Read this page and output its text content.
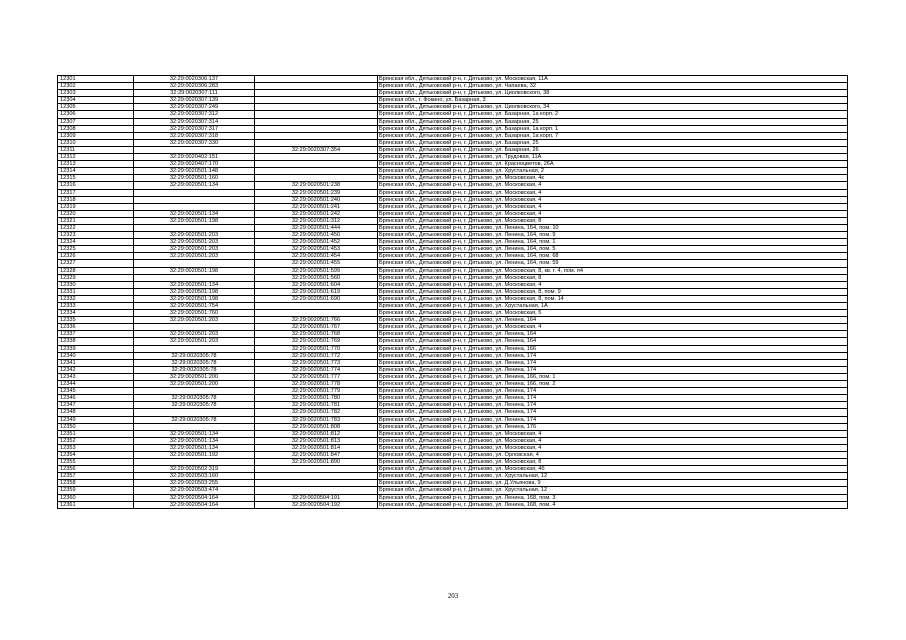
12301	32:29:0020306:137		Брянская обл., Дятьковский р-н, г. Дятьково, ул. Московская, 11А
12302	32:29:0020306:283		Брянская обл., Дятьковский р-н, г. Дятьково, ул. Чапаева, 32
12303	32:29:0020307:111		Брянская обл., Дятьковский р-н, г. Дятьково, ул. Циолковского, 38
12304	32:29:0020307:139		Брянская обл., г. Фокино, ул. Базарная, 3
12305	32:29:0020307:249		Брянская обл., Дятьковский р-н, г. Дятьково, ул. Циолковского, 34
12306	32:29:0020307:312		Брянская обл., Дятьковский р-н, г. Дятьково, ул. Базарная, 1а корп. 2
12307	32:29:0020307:314		Брянская обл., Дятьковский р-н, г. Дятьково, ул. Базарная, 25
12308	32:29:0020307:317		Брянская обл., Дятьковский р-н, г. Дятьково, ул. Базарная, 1а корп. 1
12309	32:29:0020307:318		Брянская обл., Дятьковский р-н, г. Дятьково, ул. Базарная, 1а корп. 7
12310	32:29:0020307:330		Брянская обл., Дятьковский р-н, г. Дятьково, ул. Базарная, 25
12311		32:29:0020307:354	Брянская обл., Дятьковский р-н, г. Дятьково, ул. Базарная, 26
12312	32:29:0020402:151		Брянская обл., Дятьковский р-н, г. Дятьково, ул. Трудовая, 11А
12313	32:29:0020407:170		Брянская обл., Дятьковский р-н, г. Дятьково, ул. Красноцветов, 26А
12314	32:29:0020501:148		Брянская обл., Дятьковский р-н, г. Дятьково, ул. Хрустальная, 2
12315	32:29:0020501:160		Брянская обл., Дятьковский р-н, г. Дятьково, ул. Московская, 4к
12316	32:29:0020501:134	32:29:0020501:238	Брянская обл., Дятьковский р-н, г. Дятьково, ул. Московская, 4
12317		32:29:0020501:239	Брянская обл., Дятьковский р-н, г. Дятьково, ул. Московская, 4
12318		32:29:0020501:240	Брянская обл., Дятьковский р-н, г. Дятьково, ул. Московская, 4
12319		32:29:0020501:241	Брянская обл., Дятьковский р-н, г. Дятьково, ул. Московская, 4
12320	32:29:0020501:134	32:29:0020501:242	Брянская обл., Дятьковский р-н, г. Дятьково, ул. Московская, 4
12321	32:29:0020501:198	32:29:0020501:312	Брянская обл., Дятьковский р-н, г. Дятьково, ул. Московская, 8
12322		32:29:0020501:444	Брянская обл., Дятьковский р-н, г. Дятьково, ул. Ленина, 164, пом. 10
12323	32:29:0020501:203	32:29:0020501:450	Брянская обл., Дятьковский р-н, г. Дятьково, ул. Ленина, 164, пом. 9
12324	32:29:0020501:203	32:29:0020501:452	Брянская обл., Дятьковский р-н, г. Дятьково, ул. Ленина, 164, пом. 1
12325	32:29:0020501:203	32:29:0020501:453	Брянская обл., Дятьковский р-н, г. Дятьково, ул. Ленина, 164, пом. 5
12326	32:29:0020501:203	32:29:0020501:454	Брянская обл., Дятьковский р-н, г. Дятьково, ул. Ленина, 164, пом. 68
12327		32:29:0020501:455	Брянская обл., Дятьковский р-н, г. Дятьково, ул. Ленина, 164, пом. 59
12328	32:29:0020501:198	32:29:0020501:599	Брянская обл., Дятьковский р-н, г. Дятьково, ул. Московская, 8, кв. г. 4, пом. п4
12329		32:29:0020501:560	Брянская обл., Дятьковский р-н, г. Дятьково, ул. Московская, 8
12330	32:29:0020501:134	32:29:0020501:604	Брянская обл., Дятьковский р-н, г. Дятьково, ул. Московская, 4
12331	32:29:0020501:198	32:29:0020501:619	Брянская обл., Дятьковский р-н, г. Дятьково, ул. Московская, 8, пом. 9
12332	32:29:0020501:198	32:29:0020501:690	Брянская обл., Дятьковский р-н, г. Дятьково, ул. Московская, 8, пом. 14
12333	32:29:0020501:754		Брянская обл., Дятьковский р-н, г. Дятьково, ул. Хрустальная, 1А
12334	32:29:0020501:760		Брянская обл., Дятьковский р-н, г. Дятьково, ул. Московская, 5
12335	32:29:0020501:203	32:29:0020501:766	Брянская обл., Дятьковский р-н, г. Дятьково, ул. Ленина, 164
12336		32:29:0020501:767	Брянская обл., Дятьковский р-н, г. Дятьково, ул. Московская, 4
12337	32:29:0020501:203	32:29:0020501:768	Брянская обл., Дятьковский р-н, г. Дятьково, ул. Ленина, 164
12338	32:29:0020501:203	32:29:0020501:769	Брянская обл., Дятьковский р-н, г. Дятьково, ул. Ленина, 164
12339		32:29:0020501:770	Брянская обл., Дятьковский р-н, г. Дятьково, ул. Ленина, 166
12340	32:29:0020305:78	32:29:0020501:772	Брянская обл., Дятьковский р-н, г. Дятьково, ул. Ленина, 174
12341	32:29:0020305:78	32:29:0020501:773	Брянская обл., Дятьковский р-н, г. Дятьково, ул. Ленина, 174
12342	32:29:0020305:78	32:29:0020501:774	Брянская обл., Дятьковский р-н, г. Дятьково, ул. Ленина, 174
12343	32:29:0020501:200	32:29:0020501:777	Брянская обл., Дятьковский р-н, г. Дятьково, ул. Ленина, 166, пом. 1
12344	32:29:0020501:200	32:29:0020501:778	Брянская обл., Дятьковский р-н, г. Дятьково, ул. Ленина, 166, пом. 2
12345		32:29:0020501:779	Брянская обл., Дятьковский р-н, г. Дятьково, ул. Ленина, 174
12346	32:29:0020305:78	32:29:0020501:780	Брянская обл., Дятьковский р-н, г. Дятьково, ул. Ленина, 174
12347	32:29:0020305:78	32:29:0020501:781	Брянская обл., Дятьковский р-н, г. Дятьково, ул. Ленина, 174
12348		32:29:0020501:782	Брянская обл., Дятьковский р-н, г. Дятьково, ул. Ленина, 174
12349	32:29:0020305:78	32:29:0020501:783	Брянская обл., Дятьковский р-н, г. Дятьково, ул. Ленина, 174
12350		32:29:0020501:808	Брянская обл., Дятьковский р-н, г. Дятьково, ул. Ленина, 176
12351	32:29:0020501:134	32:29:0020501:812	Брянская обл., Дятьковский р-н, г. Дятьково, ул. Московская, 4
12352	32:29:0020501:134	32:29:0020501:813	Брянская обл., Дятьковский р-н, г. Дятьково, ул. Московская, 4
12353	32:29:0020501:134	32:29:0020501:814	Брянская обл., Дятьковский р-н, г. Дятьково, ул. Московская, 4
12354	32:29:0020501:192	32:29:0020501:847	Брянская обл., Дятьковский р-н, г. Дятьково, ул. Орловская, 4
12355		32:29:0020501:890	Брянская обл., Дятьковский р-н, г. Дятьково, ул. Московская, 8
12356	32:29:0020502:319		Брянская обл., Дятьковский р-н, г. Дятьково, ул. Московская, 4б
12357	32:29:0020503:160		Брянская обл., Дятьковский р-н, г. Дятьково, ул. Хрустальная, 12
12358	32:29:0020503:255		Брянская обл., Дятьковский р-н, г. Дятьково, ул. Д.Ульянова, 9
12359	32:29:0020503:474		Брянская обл., Дятьковский р-н, г. Дятьково, ул. Хрустальная, 12
12360	32:29:0020504:164	32:29:0020504:191	Брянская обл., Дятьковский р-н, г. Дятьково, ул. Ленина, 168, пом. 3
12361	32:29:0020504:164	32:29:0020504:192	Брянская обл., Дятьковский р-н, г. Дятьково, ул. Ленина, 168, пом. 4
203
